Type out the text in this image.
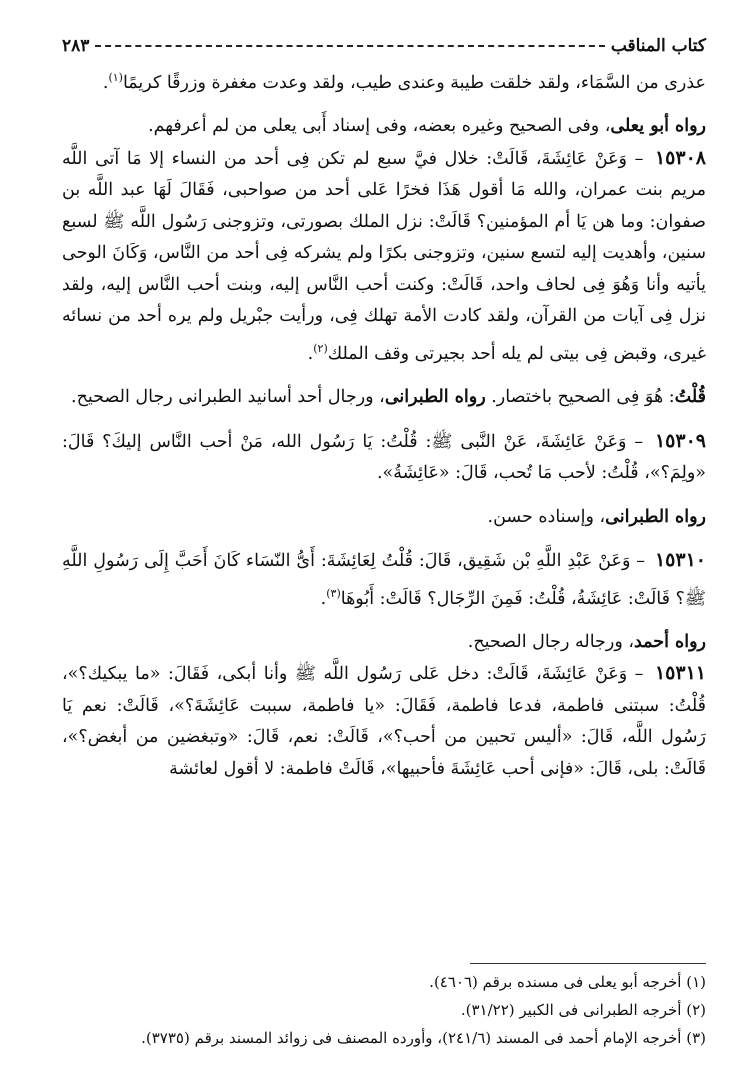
كتاب المناقب
٢٨٣

عذرى من السَّمَاء، ولقد خلقت طيبة وعندى طيب، ولقد وعدت مغفرة وزرقًا كريمًا$^{(١)}$.

رواه أبو يعلى، وفى الصحيح وغيره بعضه، وفى إسناد أَبى يعلى من لم أعرفهم.

١٥٣٠٨ – وَعَنْ عَائِشَةَ، قَالَتْ: خلال فيَّ سبع لم تكن فِى أحد من النساء إلا مَا آتى اللَّه مريم بنت عمران، والله مَا أقول هَذَا فخرًا عَلى أحد من صواحبى، فَقَالَ لَهَا عبد اللَّه بن صفوان: وما هن يَا أم المؤمنين؟ قَالَتْ: نزل الملك بصورتى، وتزوجنى رَسُول اللَّه ﷺ لسبع سنين، وأهديت إليه لتسع سنين، وتزوجنى بكرًا ولم يشركه فِى أحد من النَّاس، وَكَانَ الوحى يأتيه وأنا وَهُوَ فِى لحاف واحد، قَالَتْ: وكنت أحب النَّاس إليه، وبنت أحب النَّاس إليه، ولقد نزل فِى آيات من القرآن، ولقد كادت الأمة تهلك فِى، ورأيت جبْريل ولم يره أحد من نسائه غيرى، وقبض فِى بيتى لم يله أحد بجيرتى وقف الملك$^{(٢)}$.

قُلْتُ: هُوَ فِى الصحيح باختصار. رواه الطبرانى، ورجال أحد أسانيد الطبرانى رجال الصحيح.

١٥٣٠٩ – وَعَنْ عَائِشَةَ، عَنْ النَّبى ﷺ: قُلْتُ: يَا رَسُول الله، مَنْ أحب النَّاس إليكَ؟ قَالَ: «ولِمَ؟»، قُلْتُ: لأحب مَا تُحب، قَالَ: «عَائِشَةُ».

رواه الطبرانى، وإسناده حسن.

١٥٣١٠ – وَعَنْ عَبْدِ اللَّهِ بْن شَقِيق، قَالَ: قُلْتُ لِعَائِشَةَ: أَىُّ النّسَاء كَانَ أَحَبَّ إِلَى رَسُولِ اللَّهِ ﷺ؟ قَالَتْ: عَائِشَةُ، قُلْتُ: فَمِنَ الرِّجَال؟ قَالَتْ: أَبُوهَا$^{(٣)}$.

رواه أحمد، ورجاله رجال الصحيح.

١٥٣١١ – وَعَنْ عَائِشَةَ، قَالَتْ: دخل عَلى رَسُول اللَّه ﷺ وأنا أبكى، فَقَالَ: «ما يبكيك؟»، قُلْتُ: سبتنى فاطمة، فدعا فاطمة، فَقَالَ: «يا فاطمة، سببت عَائِشَةَ؟»، قَالَتْ: نعم يَا رَسُول اللَّه، قَالَ: «أليس تحبين من أحب؟»، قَالَتْ: نعم، قَالَ: «وتبغضين من أبغض؟»، قَالَتْ: بلى، قَالَ: «فإنى أحب عَائِشَةَ فأحبيها»، قَالَتْ فاطمة: لا أقول لعائشة

(١) أخرجه أبو يعلى فى مسنده برقم (٤٦٠٦).
(٢) أخرجه الطبرانى فى الكبير (٣١/٢٢).
(٣) أخرجه الإمام أحمد فى المسند (٢٤١/٦)، وأورده المصنف فى زوائد المسند برقم (٣٧٣٥).
